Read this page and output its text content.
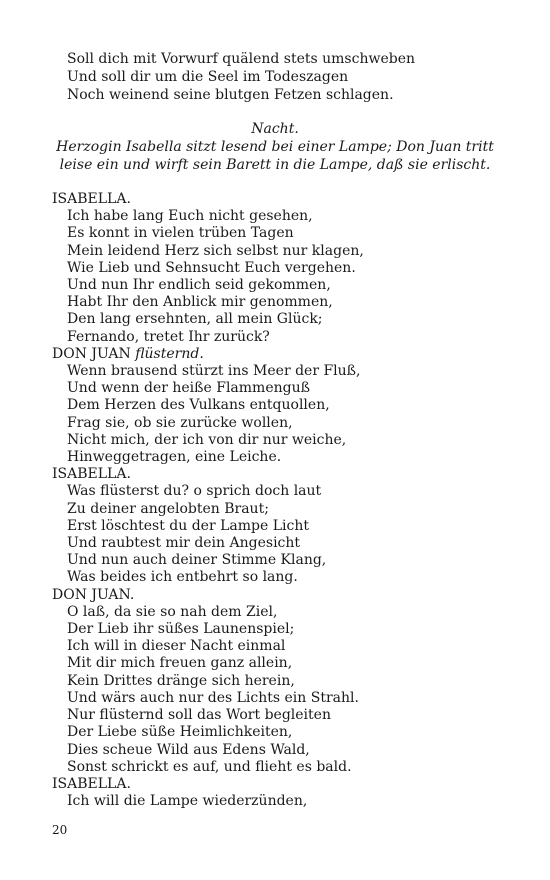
Soll dich mit Vorwurf quälend stets umschweben
Und soll dir um die Seel im Todeszagen
Noch weinend seine blutgen Fetzen schlagen.
Nacht.
Herzogin Isabella sitzt lesend bei einer Lampe; Don Juan tritt
leise ein und wirft sein Barett in die Lampe, daß sie erlischt.
ISABELLA.
Ich habe lang Euch nicht gesehen,
Es konnt in vielen trüben Tagen
Mein leidend Herz sich selbst nur klagen,
Wie Lieb und Sehnsucht Euch vergehen.
Und nun Ihr endlich seid gekommen,
Habt Ihr den Anblick mir genommen,
Den lang ersehnten, all mein Glück;
Fernando, tretet Ihr zurück?
DON JUAN flüsternd.
Wenn brausend stürzt ins Meer der Fluß,
Und wenn der heiße Flammenguß
Dem Herzen des Vulkans entquollen,
Frag sie, ob sie zurücke wollen,
Nicht mich, der ich von dir nur weiche,
Hinweggetragen, eine Leiche.
ISABELLA.
Was flüsterst du? o sprich doch laut
Zu deiner angelobten Braut;
Erst löschtest du der Lampe Licht
Und raubtest mir dein Angesicht
Und nun auch deiner Stimme Klang,
Was beides ich entbehrt so lang.
DON JUAN.
O laß, da sie so nah dem Ziel,
Der Lieb ihr süßes Launenspiel;
Ich will in dieser Nacht einmal
Mit dir mich freuen ganz allein,
Kein Drittes dränge sich herein,
Und wärs auch nur des Lichts ein Strahl.
Nur flüsternd soll das Wort begleiten
Der Liebe süße Heimlichkeiten,
Dies scheue Wild aus Edens Wald,
Sonst schrickt es auf, und flieht es bald.
ISABELLA.
Ich will die Lampe wiederzünden,
20
